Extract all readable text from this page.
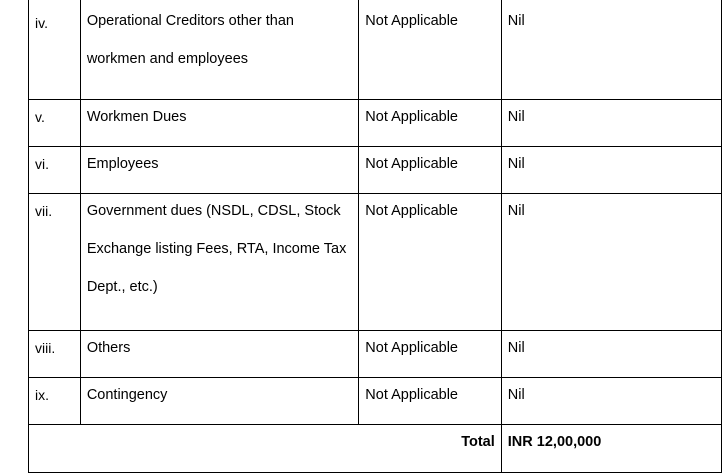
iv.	Operational Creditors other than
workmen and employees	Not Applicable	Nil
v.	Workmen Dues	Not Applicable	Nil
vi.	Employees	Not Applicable	Nil
vii.	Government dues (NSDL, CDSL, Stock
Exchange listing Fees, RTA, Income Tax
Dept., etc.)	Not Applicable	Nil
viii.	Others	Not Applicable	Nil
ix.	Contingency	Not Applicable	Nil
Total			INR 12,00,000
